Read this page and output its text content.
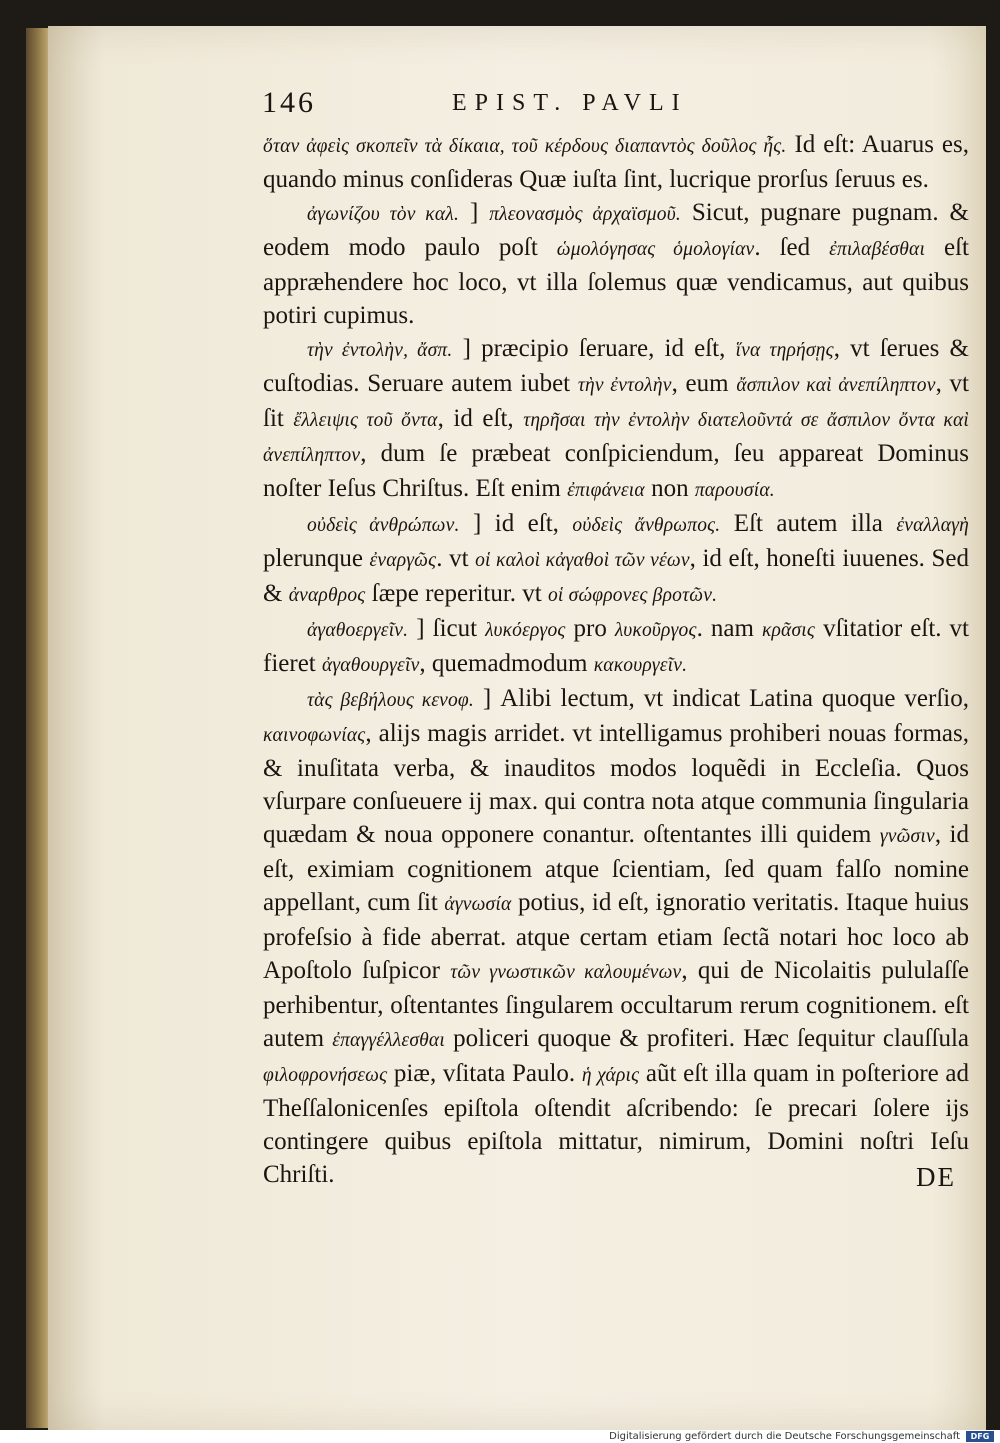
146	EPIST. PAVLI

ὅταν ἀφεὶς σκοπεῖν τὰ δίκαια, τοῦ κέρδους διαπαντὸς δοῦλος ἦς. Id eſt: Auarus es, quando minus conſideras Quæ iuſta ſint, lucrique prorſus ſeruus es.

ἀγωνίζου τὸν καλ. ] πλεονασμὸς ἀρχαϊσμοῦ. Sicut, pugnare pugnam. & eodem modo paulo poſt ὡμολόγησας ὁμολογίαν. ſed ἐπιλαβέσθαι eſt appræhendere hoc loco, vt illa ſolemus quæ vendicamus, aut quibus potiri cupimus.

τὴν ἐντολὴν, ἄσπ. ] præcipio ſeruare, id eſt, ἵνα τηρήσῃς, vt ſerues & cuſtodias. Seruare autem iubet τὴν ἐντολὴν, eum ἄσπιλον καὶ ἀνεπίληπτον, vt ſit ἔλλειψις τοῦ ὄντα, id eſt, τηρῆσαι τὴν ἐντολὴν διατελοῦντά σε ἄσπιλον ὄντα καὶ ἀνεπίληπτον, dum ſe præbeat conſpiciendum, ſeu appareat Dominus noſter Ieſus Chriſtus. Eſt enim ἐπιφάνεια non παρουσία.

οὐδεὶς ἀνθρώπων. ] id eſt, οὐδεὶς ἄνθρωπος. Eſt autem illa ἐναλλαγὴ plerunque ἐναργῶς. vt οἱ καλοὶ κἀγαθοὶ τῶν νέων, id eſt, honeſti iuuenes. Sed & ἀναρθρος ſæpe reperitur. vt οἱ σώφρονες βροτῶν.

ἀγαθοεργεῖν. ] ſicut λυκόεργος pro λυκοῦργος. nam κρᾶσις vſitatior eſt. vt fieret ἀγαθουργεῖν, quemadmodum κακουργεῖν.

τὰς βεβήλους κενοφ. ] Alibi lectum, vt indicat Latina quoque verſio, καινοφωνίας, alijs magis arridet. vt intelligamus prohiberi nouas formas, & inuſitata verba, & inauditos modos loquẽdi in Eccleſia. Quos vſurpare conſueuere ij max. qui contra nota atque communia ſingularia quædam & noua opponere conantur. oſtentantes illi quidem γνῶσιν, id eſt, eximiam cognitionem atque ſcientiam, ſed quam falſo nomine appellant, cum ſit ἀγνωσία potius, id eſt, ignoratio veritatis. Itaque huius profeſsio à fide aberrat. atque certam etiam ſectã notari hoc loco ab Apoſtolo ſuſpicor τῶν γνωστικῶν καλουμένων, qui de Nicolaitis pululaſſe perhibentur, oſtentantes ſingularem occultarum rerum cognitionem. eſt autem ἐπαγγέλλεσθαι policeri quoque & profiteri. Hæc ſequitur clauſſula φιλοφρονήσεως piæ, vſitata Paulo. ἡ χάρις aũt eſt illa quam in poſteriore ad Theſſalonicenſes epiſtola oſtendit aſcribendo: ſe precari ſolere ijs contingere quibus epiſtola mittatur, nimirum, Domini noſtri Ieſu Chriſti.	DE
Digitalisierung gefördert durch die Deutsche Forschungsgemeinschaft	DFG
